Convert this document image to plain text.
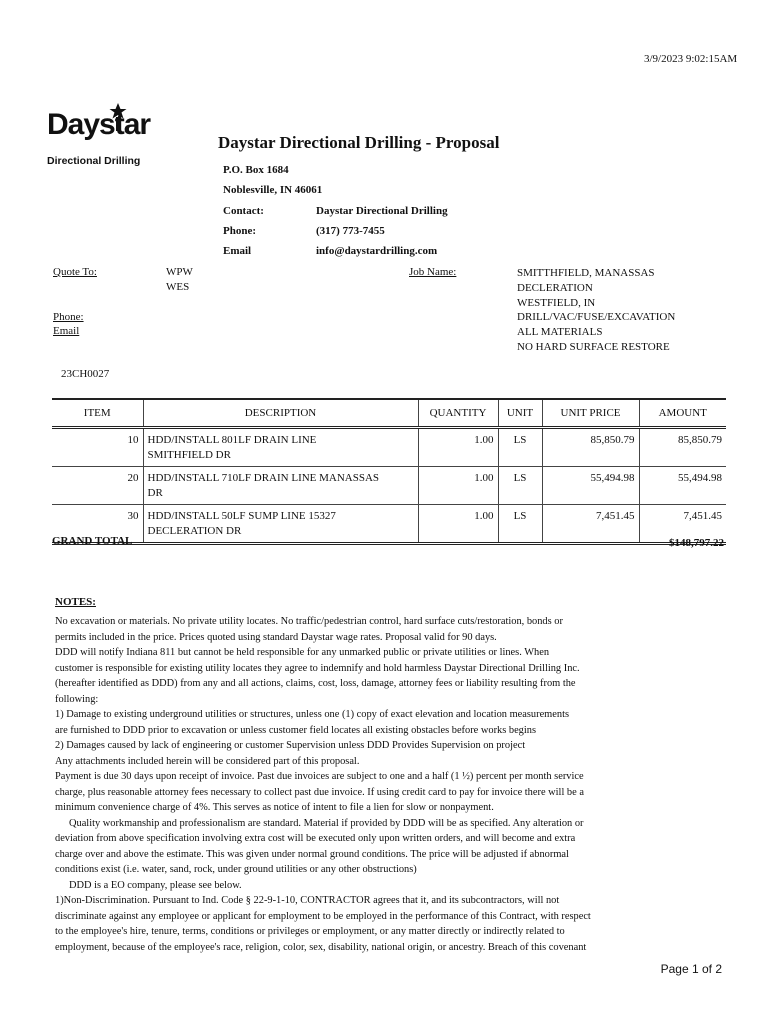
3/9/2023 9:02:15AM
Daystar
Directional Drilling
Daystar Directional Drilling - Proposal
P.O. Box 1684
Noblesville, IN 46061
Contact:	Daystar Directional Drilling
Phone:	(317) 773-7455
Email	info@daystardrilling.com
Quote To:	WPW
WES
Phone:
Email
Job Name:	SMITTHFIELD, MANASSAS
DECLERATION
WESTFIELD, IN
DRILL/VAC/FUSE/EXCAVATION
ALL MATERIALS
NO HARD SURFACE RESTORE
23CH0027
ITEM	DESCRIPTION	QUANTITY	UNIT	UNIT PRICE	AMOUNT
10	HDD/INSTALL 801LF DRAIN LINE
SMITHFIELD DR	1.00	LS	85,850.79	85,850.79
20	HDD/INSTALL 710LF DRAIN LINE MANASSAS
DR	1.00	LS	55,494.98	55,494.98
30	HDD/INSTALL 50LF SUMP LINE 15327
DECLERATION DR	1.00	LS	7,451.45	7,451.45
GRAND TOTAL	$148,797.22
NOTES:
No excavation or materials. No private utility locates. No traffic/pedestrian control, hard surface cuts/restoration, bonds or
permits included in the price. Prices quoted using standard Daystar wage rates. Proposal valid for 90 days.
DDD will notify Indiana 811 but cannot be held responsible for any unmarked public or private utilities or lines. When
customer is responsible for existing utility locates they agree to indemnify and hold harmless Daystar Directional Drilling Inc.
(hereafter identified as DDD) from any and all actions, claims, cost, loss, damage, attorney fees or liability resulting from the
following:
1) Damage to existing underground utilities or structures, unless one (1) copy of exact elevation and location measurements
are furnished to DDD prior to excavation or unless customer field locates all existing obstacles before works begins
2) Damages caused by lack of engineering or customer Supervision unless DDD Provides Supervision on project
Any attachments included herein will be considered part of this proposal.
Payment is due 30 days upon receipt of invoice. Past due invoices are subject to one and a half (1 ½) percent per month service
charge, plus reasonable attorney fees necessary to collect past due invoice. If using credit card to pay for invoice there will be a
minimum convenience charge of 4%. This serves as notice of intent to file a lien for slow or nonpayment.
Quality workmanship and professionalism are standard. Material if provided by DDD will be as specified. Any alteration or
deviation from above specification involving extra cost will be executed only upon written orders, and will become and extra
charge over and above the estimate. This was given under normal ground conditions. The price will be adjusted if abnormal
conditions exist (i.e. water, sand, rock, under ground utilities or any other obstructions)
DDD is a EO company, please see below.
1)Non-Discrimination. Pursuant to Ind. Code § 22-9-1-10, CONTRACTOR agrees that it, and its subcontractors, will not
discriminate against any employee or applicant for employment to be employed in the performance of this Contract, with respect
to the employee's hire, tenure, terms, conditions or privileges or employment, or any matter directly or indirectly related to
employment, because of the employee's race, religion, color, sex, disability, national origin, or ancestry. Breach of this covenant
Page 1 of 2
